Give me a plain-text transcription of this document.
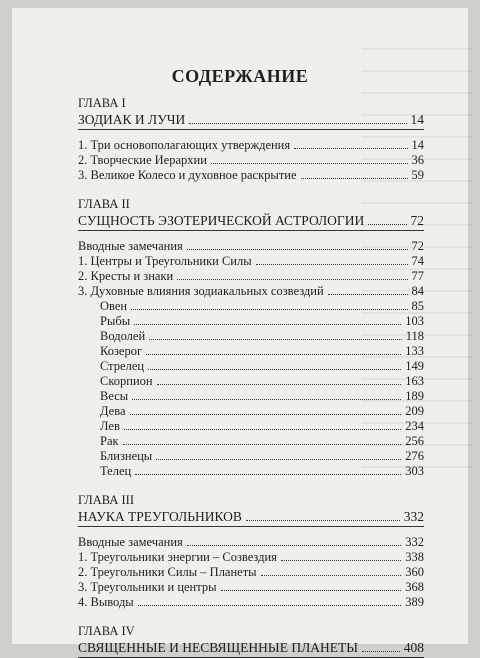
СОДЕРЖАНИЕ
ГЛАВА I
ЗОДИАК И ЛУЧИ	14
1. Три основополагающих утверждения	14
2. Творческие Иерархии	36
3. Великое Колесо и духовное раскрытие	59
ГЛАВА II
СУЩНОСТЬ ЭЗОТЕРИЧЕСКОЙ АСТРОЛОГИИ	72
Вводные замечания	72
1. Центры и Треугольники Силы	74
2. Кресты и знаки	77
3. Духовные влияния зодиакальных созвездий	84
Овен	85
Рыбы	103
Водолей	118
Козерог	133
Стрелец	149
Скорпион	163
Весы	189
Дева	209
Лев	234
Рак	256
Близнецы	276
Телец	303
ГЛАВА III
НАУКА ТРЕУГОЛЬНИКОВ	332
Вводные замечания	332
1. Треугольники энергии – Созвездия	338
2. Треугольники Силы – Планеты	360
3. Треугольники и центры	368
4. Выводы	389
ГЛАВА IV
СВЯЩЕННЫЕ И НЕСВЯЩЕННЫЕ ПЛАНЕТЫ	408
